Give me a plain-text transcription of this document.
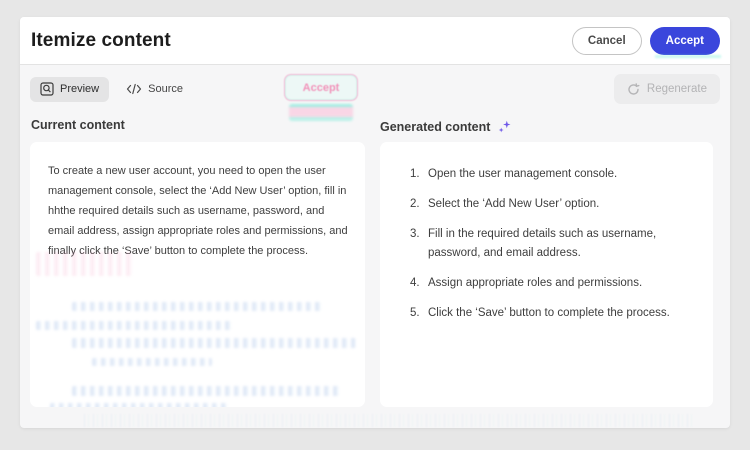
Itemize content	Cancel	Accept
Preview	Source	Regenerate
Accept
Current content	Generated content
To create a new user account, you need to open the user management console, select the ‘Add New User’ option, fill in hhthe required details such as username, password, and email address, assign appropriate roles and permissions, and finally click the ‘Save’ button to complete the process.
1. Open the user management console.
2. Select the ‘Add New User’ option.
3. Fill in the required details such as username, password, and email address.
4. Assign appropriate roles and permissions.
5. Click the ‘Save’ button to complete the process.
